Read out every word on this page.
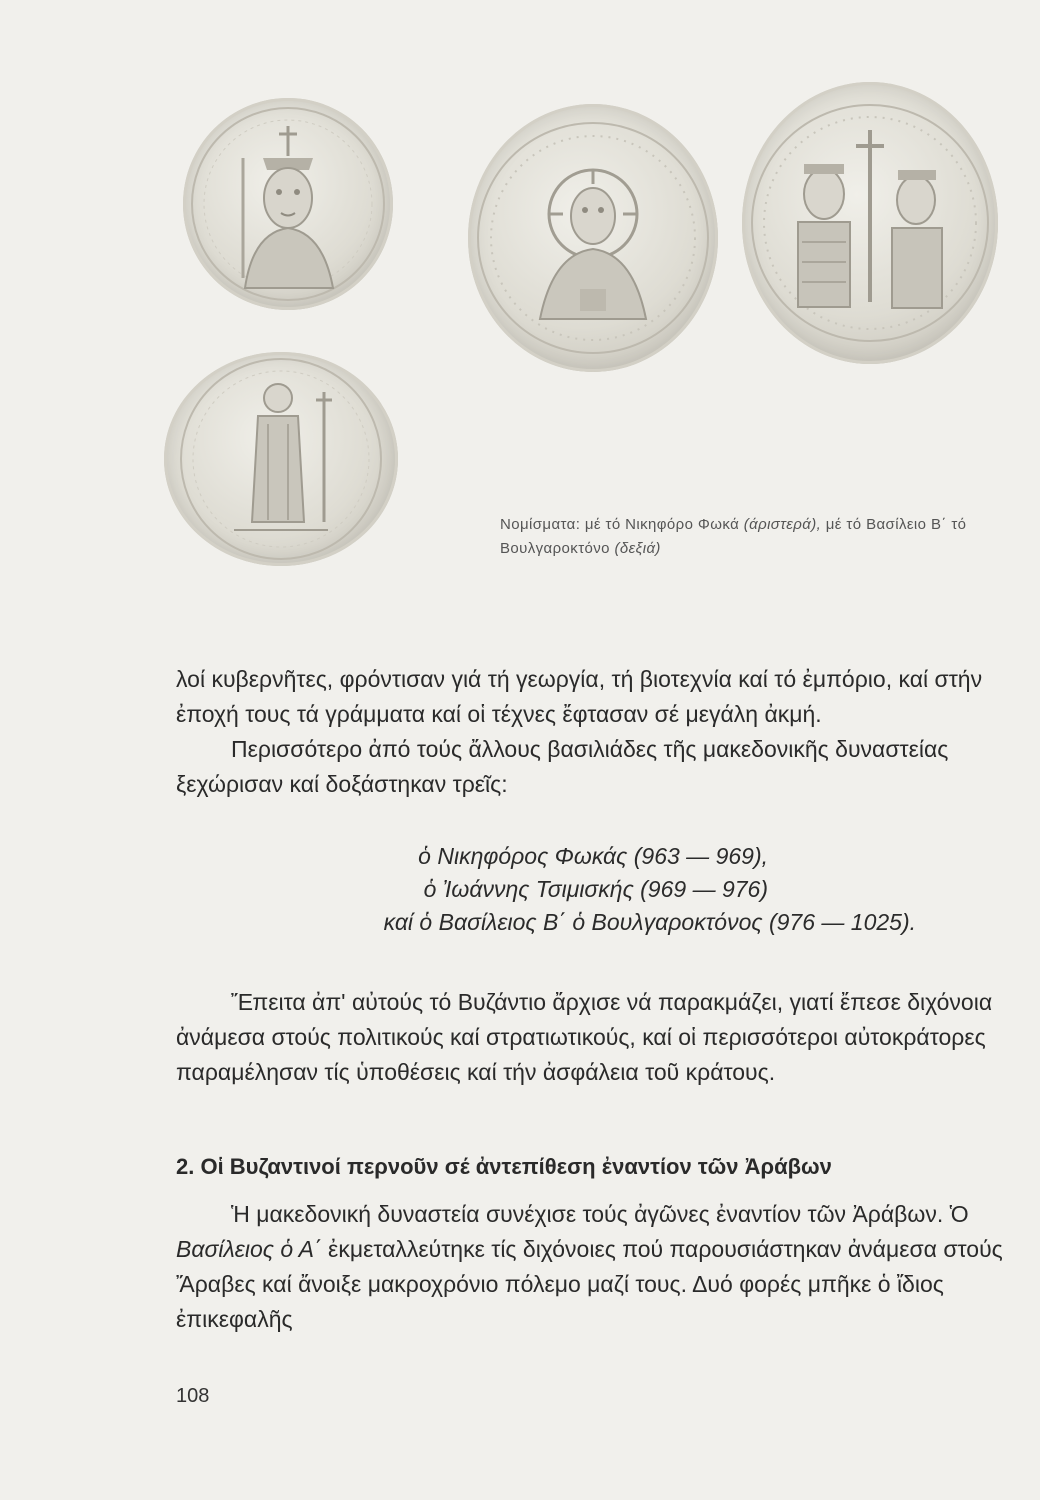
Νομίσματα: μέ τό Νικηφόρο Φωκά (άριστερά), μέ τό Βασίλειο Β΄ τό Βουλγαροκτόνο (δεξιά)

λοί κυβερνῆτες, φρόντισαν γιά τή γεωργία, τή βιοτεχνία καί τό ἐμπόριο, καί στήν ἐποχή τους τά γράμματα καί οἱ τέχνες ἔφτασαν σέ μεγάλη ἀκμή.

Περισσότερο ἀπό τούς ἄλλους βασιλιάδες τῆς μακεδονικῆς δυναστείας ξεχώρισαν καί δοξάστηκαν τρεῖς:

ὁ Νικηφόρος Φωκάς (963 — 969),
ὁ Ἰωάννης Τσιμισκής (969 — 976)
καί ὁ Βασίλειος Β΄ ὁ Βουλγαροκτόνος (976 — 1025).

Ἔπειτα ἀπ' αὐτούς τό Βυζάντιο ἄρχισε νά παρακμάζει, γιατί ἔπεσε διχόνοια ἀνάμεσα στούς πολιτικούς καί στρατιωτικούς, καί οἱ περισσότεροι αὐτοκράτορες παραμέλησαν τίς ὑποθέσεις καί τήν ἀσφάλεια τοῦ κράτους.

2. Οἱ Βυζαντινοί περνοῦν σέ ἀντεπίθεση ἐναντίον τῶν Ἀράβων

Ἡ μακεδονική δυναστεία συνέχισε τούς ἀγῶνες ἐναντίον τῶν Ἀράβων. Ὁ Βασίλειος ὁ Α΄ ἐκμεταλλεύτηκε τίς διχόνοιες πού παρουσιάστηκαν ἀνάμεσα στούς Ἄραβες καί ἄνοιξε μακροχρόνιο πόλεμο μαζί τους. Δυό φορές μπῆκε ὁ ἴδιος ἐπικεφαλῆς

108
